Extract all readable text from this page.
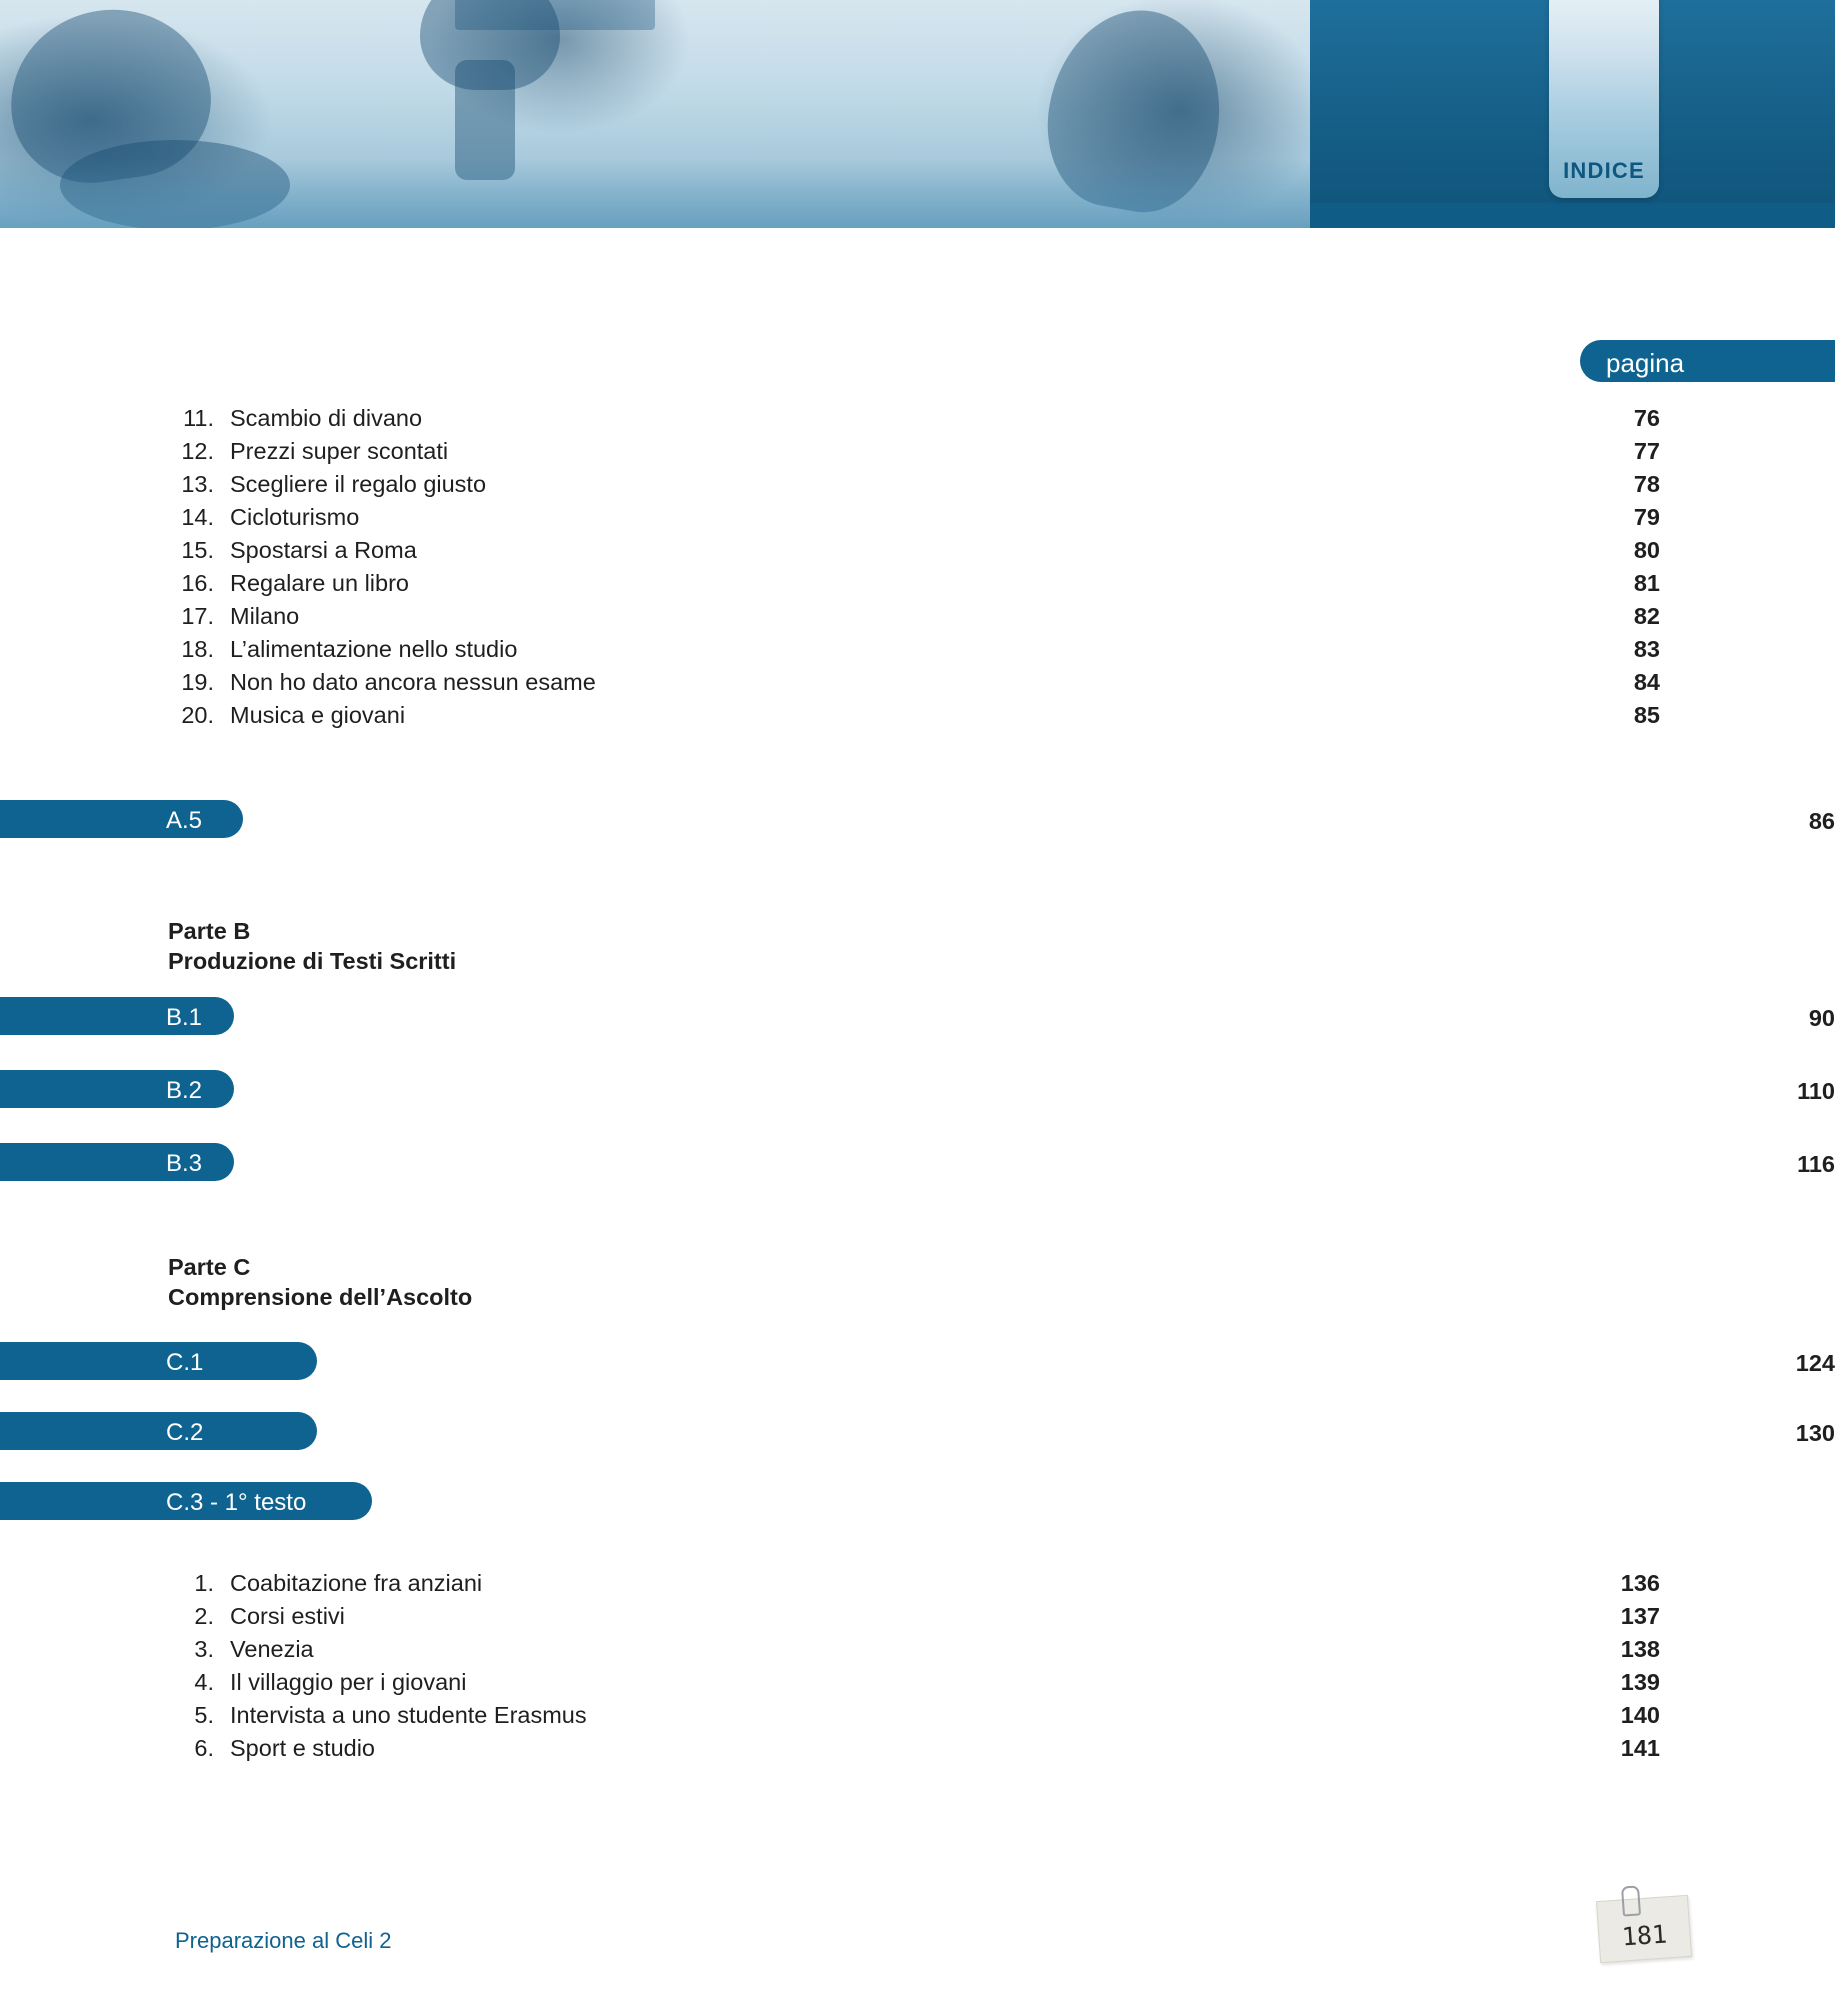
INDICE
pagina
11. Scambio di divano	76
12. Prezzi super scontati	77
13. Scegliere il regalo giusto	78
14. Cicloturismo	79
15. Spostarsi a Roma	80
16. Regalare un libro	81
17. Milano	82
18. L’alimentazione nello studio	83
19. Non ho dato ancora nessun esame	84
20. Musica e giovani	85
A.5	86
Parte B
Produzione di Testi Scritti
B.1	90
B.2	110
B.3	116
Parte C
Comprensione dell’Ascolto
C.1	124
C.2	130
C.3 - 1° testo
1. Coabitazione fra anziani	136
2. Corsi estivi	137
3. Venezia	138
4. Il villaggio per i giovani	139
5. Intervista a uno studente Erasmus	140
6. Sport e studio	141
Preparazione al Celi 2	181
